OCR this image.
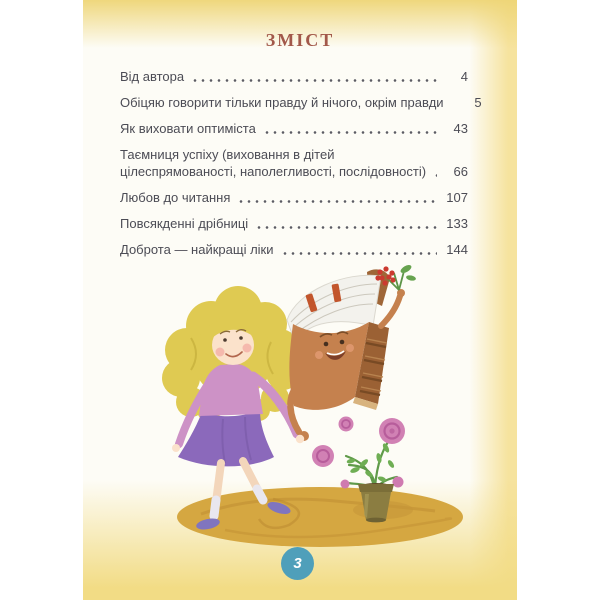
ЗМІСТ
Від автора	4
Обіцяю говорити тільки правду й нічого, окрім правди	5
Як виховати оптиміста	43
Таємниця успіху (виховання в дітей
цілеспрямованості, наполегливості, послідовності)	66
Любов до читання	107
Повсякденні дрібниці	133
Доброта — найкращі ліки	144
3
